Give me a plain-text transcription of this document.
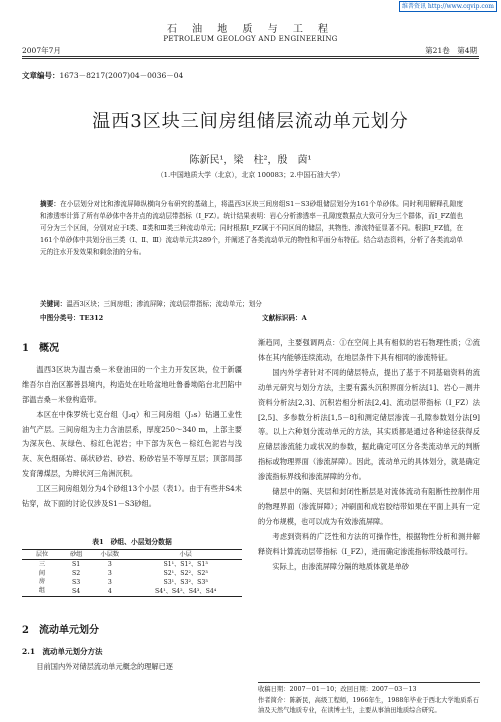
维普资讯 http://www.cqvip.com
石 油 地 质 与 工 程
PETROLEUM GEOLOGY AND ENGINEERING
2007年7月	第21卷　第4期
文章编号：1673－8217(2007)04－0036－04
温西3区块三间房组储层流动单元划分
陈新民¹，梁　柱²，殷　茵¹
（1.中国地质大学（北京），北京 100083；2.中国石油大学）
摘要：在小层划分对比和渗流屏障纵横向分布研究的基础上，将温西3区块三间房组S1－S3砂组储层划分为161个单砂体。同时利用解释孔隙度和渗透率计算了所有单砂体中各井点的流动层带指标（I_FZ）。统计结果表明：岩心分析渗透率－孔隙度数据点大致可分为三个群体，而I_FZ值也可分为三个区间，分别对应于Ⅰ类、Ⅱ类和Ⅲ类三种流动单元；同时根据I_FZ属于不同区间的储层，其物性、渗流特征显著不同。根据I_FZ值，在161个单砂体中共划分出三类（Ⅰ、Ⅱ、Ⅲ）流动单元共289个，并阐述了各类流动单元的物性和平面分布特征。结合动态资料，分析了各类流动单元的注水开发效果和剩余油的分布。
关键词：温西3区块；三间房组；渗流屏障；流动层带指标；流动单元；划分
中图分类号：TE312	文献标识码：A
1　概况

温西3区块为温吉桑－米登油田的一个主力开发区块，位于新疆维吾尔自治区鄯善县境内，构造处在吐哈盆地吐鲁番坳陷台北凹陷中部温吉桑－米登构造带。

本区在中侏罗统七克台组（J₂q）和三间房组（J₂s）钻遇工业性油气产层。三间房组为主力含油层系，厚度250～340 m，上部主要为深灰色、灰绿色、棕红色泥岩；中下部为灰色－棕红色泥岩与浅灰、灰色细砾岩、砾状砂岩、砂岩、粉砂岩呈不等厚互层；顶部局部发育薄煤层，为辫状河三角洲沉积。

工区三间房组划分为4个砂组13个小层（表1）。由于有些井S4未钻穿，故下面的讨论仅涉及S1－S3砂组。

表1　砂组、小层划分数据
层位	砂组	小层数	小层
三间房组	S1	3	S1¹、S1²、S1³
	S2	3	S2¹、S2²、S2³
	S3	3	S3¹、S3²、S3³
	S4	4	S4¹、S4²、S4³、S4⁴
2　流动单元划分
2.1　流动单元划分方法

目前国内外对储层流动单元概念的理解已逐

渐趋同，主要强调两点：①在空间上具有相似的岩石物理性质；②流体在其内能够连续流动，在地层条件下具有相同的渗流特征。

国内外学者针对不同的储层特点，提出了基于不同基础资料的流动单元研究与划分方法，主要有露头沉积界面分析法[1]、岩心－测井资料分析法[2,3]、沉积岩相分析法[2,4]、流动层带指标（I_FZ）法[2,5]、多参数分析法[1,5－8]和测定储层渗流－孔隙参数划分法[9]等。以上六种划分流动单元的方法，其实质都是通过各种途径获得反应储层渗流能力或状况的参数，据此确定可区分各类流动单元的判断指标或物理界面（渗流屏障）。因此，流动单元的具体划分，就是确定渗流指标界线和渗流屏障的分布。

储层中的隔、夹层和封闭性断层是对流体流动有阻断性控制作用的物理界面（渗流屏障）；冲刷面和成岩胶结带如果在平面上具有一定的分布规模，也可以成为有效渗流屏障。

考虑到资料的广泛性和方法的可操作性，根据物性分析和测井解释资料计算流动层带指标（I_FZ），进而确定渗流指标带线最可行。

实际上，由渗流屏障分隔的地质体就是单砂

收稿日期：2007－01－10；改回日期：2007－03－13
作者简介：陈新民，高级工程师，1966年生，1988年毕业于西北大学地质系石油及天然气地质专业，在读博士生，主要从事油田地质综合研究。
